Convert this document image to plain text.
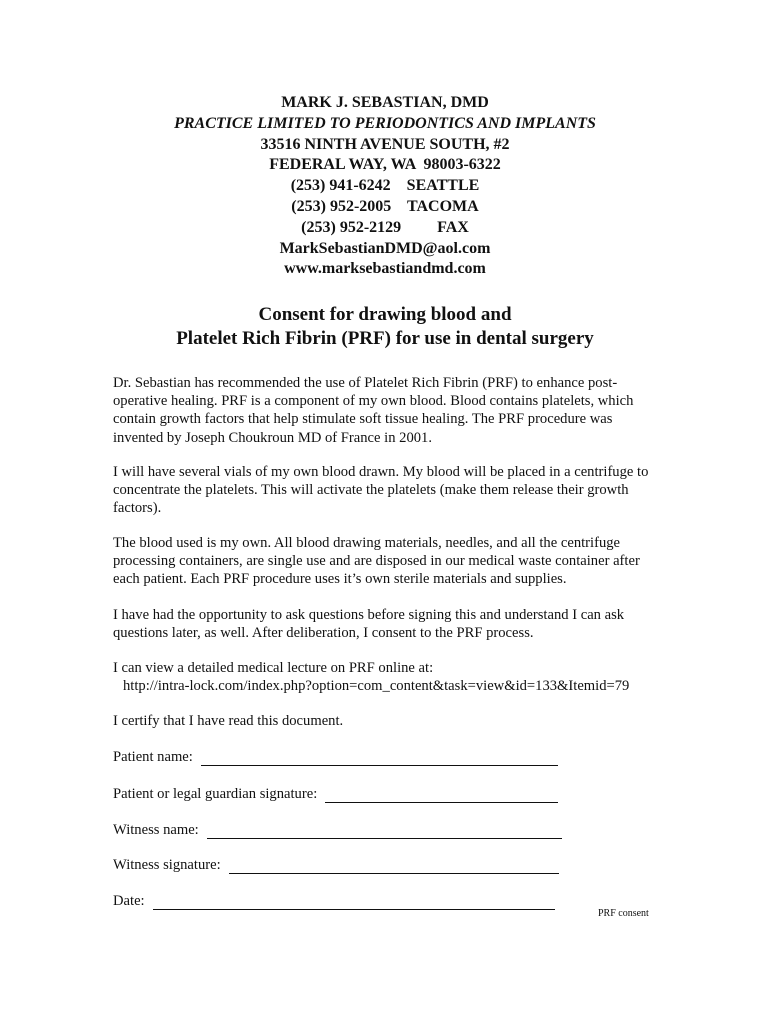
MARK J. SEBASTIAN, DMD
PRACTICE LIMITED TO PERIODONTICS AND IMPLANTS
33516 NINTH AVENUE SOUTH, #2
FEDERAL WAY, WA  98003-6322
(253) 941-6242    SEATTLE
(253) 952-2005    TACOMA
(253) 952-2129         FAX
MarkSebastianDMD@aol.com
www.marksebastiandmd.com
Consent for drawing blood and
Platelet Rich Fibrin (PRF) for use in dental surgery

Dr. Sebastian has recommended the use of Platelet Rich Fibrin (PRF) to enhance post-operative healing. PRF is a component of my own blood. Blood contains platelets, which contain growth factors that help stimulate soft tissue healing. The PRF procedure was invented by Joseph Choukroun MD of France in 2001.

I will have several vials of my own blood drawn. My blood will be placed in a centrifuge to concentrate the platelets. This will activate the platelets (make them release their growth factors).

The blood used is my own. All blood drawing materials, needles, and all the centrifuge processing containers, are single use and are disposed in our medical waste container after each patient. Each PRF procedure uses it’s own sterile materials and supplies.

I have had the opportunity to ask questions before signing this and understand I can ask questions later, as well. After deliberation, I consent to the PRF process.

I can view a detailed medical lecture on PRF online at:

http://intra-lock.com/index.php?option=com_content&task=view&id=133&Itemid=79

I certify that I have read this document.

Patient name:
Patient or legal guardian signature:
Witness name:
Witness signature:
Date:
PRF consent
